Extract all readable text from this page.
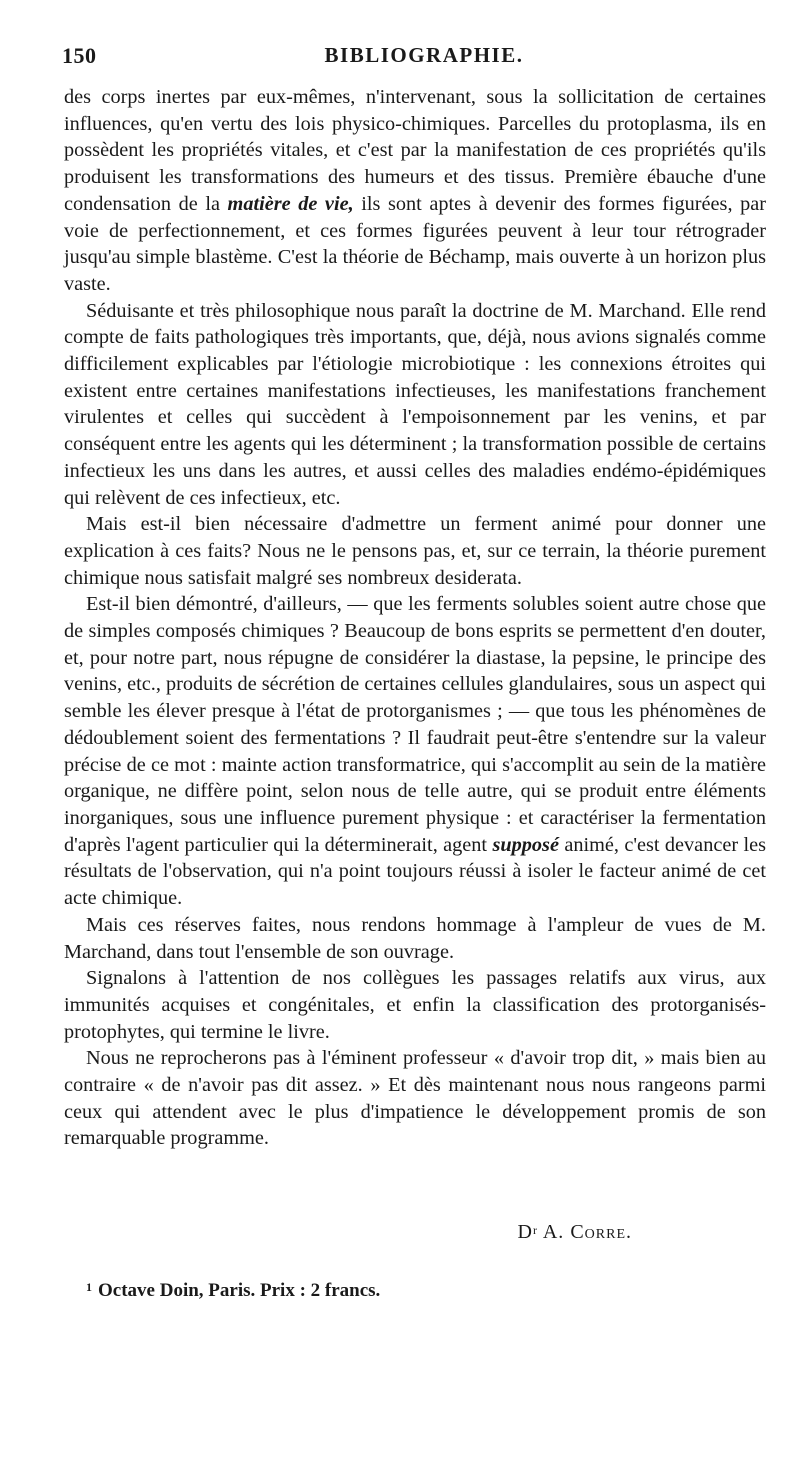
150	BIBLIOGRAPHIE.

des corps inertes par eux-mêmes, n'intervenant, sous la sollicitation de certaines influences, qu'en vertu des lois physico-chimiques. Parcelles du protoplasma, ils en possèdent les propriétés vitales, et c'est par la manifestation de ces propriétés qu'ils produisent les transformations des humeurs et des tissus. Première ébauche d'une condensation de la matière de vie, ils sont aptes à devenir des formes figurées, par voie de perfectionnement, et ces formes figurées peuvent à leur tour rétrograder jusqu'au simple blastème. C'est la théorie de Béchamp, mais ouverte à un horizon plus vaste.

Séduisante et très philosophique nous paraît la doctrine de M. Marchand. Elle rend compte de faits pathologiques très importants, que, déjà, nous avions signalés comme difficilement explicables par l'étiologie microbiotique : les connexions étroites qui existent entre certaines manifestations infectieuses, les manifestations franchement virulentes et celles qui succèdent à l'empoisonnement par les venins, et par conséquent entre les agents qui les déterminent ; la transformation possible de certains infectieux les uns dans les autres, et aussi celles des maladies endémo-épidémiques qui relèvent de ces infectieux, etc.

Mais est-il bien nécessaire d'admettre un ferment animé pour donner une explication à ces faits? Nous ne le pensons pas, et, sur ce terrain, la théorie purement chimique nous satisfait malgré ses nombreux desiderata.

Est-il bien démontré, d'ailleurs, — que les ferments solubles soient autre chose que de simples composés chimiques ? Beaucoup de bons esprits se permettent d'en douter, et, pour notre part, nous répugne de considérer la diastase, la pepsine, le principe des venins, etc., produits de sécrétion de certaines cellules glandulaires, sous un aspect qui semble les élever presque à l'état de protorganismes ; — que tous les phénomènes de dédoublement soient des fermentations ? Il faudrait peut-être s'entendre sur la valeur précise de ce mot : mainte action transformatrice, qui s'accomplit au sein de la matière organique, ne diffère point, selon nous de telle autre, qui se produit entre éléments inorganiques, sous une influence purement physique : et caractériser la fermentation d'après l'agent particulier qui la déterminerait, agent supposé animé, c'est devancer les résultats de l'observation, qui n'a point toujours réussi à isoler le facteur animé de cet acte chimique.

Mais ces réserves faites, nous rendons hommage à l'ampleur de vues de M. Marchand, dans tout l'ensemble de son ouvrage.

Signalons à l'attention de nos collègues les passages relatifs aux virus, aux immunités acquises et congénitales, et enfin la classification des protorganisés-protophytes, qui termine le livre.

Nous ne reprocherons pas à l'éminent professeur « d'avoir trop dit, » mais bien au contraire « de n'avoir pas dit assez. » Et dès maintenant nous nous rangeons parmi ceux qui attendent avec le plus d'impatience le développement promis de son remarquable programme.

$D^r$ A. Corre.
$^1$ Octave Doin, Paris. Prix : 2 francs.
